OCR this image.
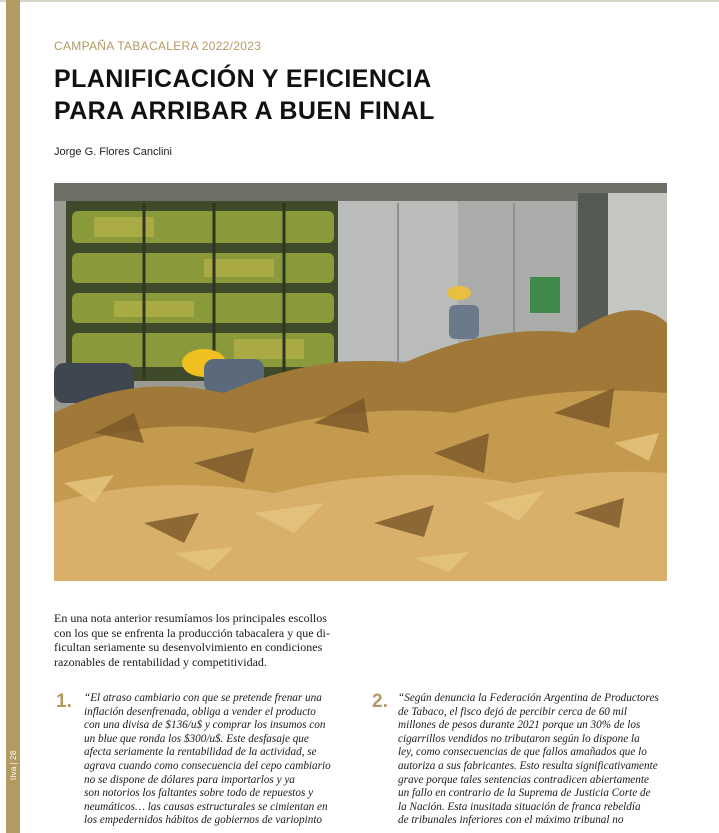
tiva|28
CAMPAÑA TABACALERA 2022/2023
PLANIFICACIÓN Y EFICIENCIA
PARA ARRIBAR A BUEN FINAL
Jorge G. Flores Canclini
En una nota anterior resumíamos los principales escollos
con los que se enfrenta la producción tabacalera y que di-
ficultan seriamente su desenvolvimiento en condiciones
razonables de rentabilidad y competitividad.
1. “El atraso cambiario con que se pretende frenar una
inflación desenfrenada, obliga a vender el producto
con una divisa de $136/u$ y comprar los insumos con
un blue que ronda los $300/u$. Este desfasaje que
afecta seriamente la rentabilidad de la actividad, se
agrava cuando como consecuencia del cepo cambiario
no se dispone de dólares para importarlos y ya
son notorios los faltantes sobre todo de repuestos y
neumáticos… las causas estructurales se cimientan en
los empedernidos hábitos de gobiernos de variopinto
2. “Según denuncia la Federación Argentina de Productores
de Tabaco, el fisco dejó de percibir cerca de 60 mil
millones de pesos durante 2021 porque un 30% de los
cigarrillos vendidos no tributaron según lo dispone la
ley, como consecuencias de que fallos amañados que lo
autoriza a sus fabricantes. Esto resulta significativamente
grave porque tales sentencias contradicen abiertamente
un fallo en contrario de la Suprema de Justicia Corte de
la Nación. Esta inusitada situación de franca rebeldía
de tribunales inferiores con el máximo tribunal no
